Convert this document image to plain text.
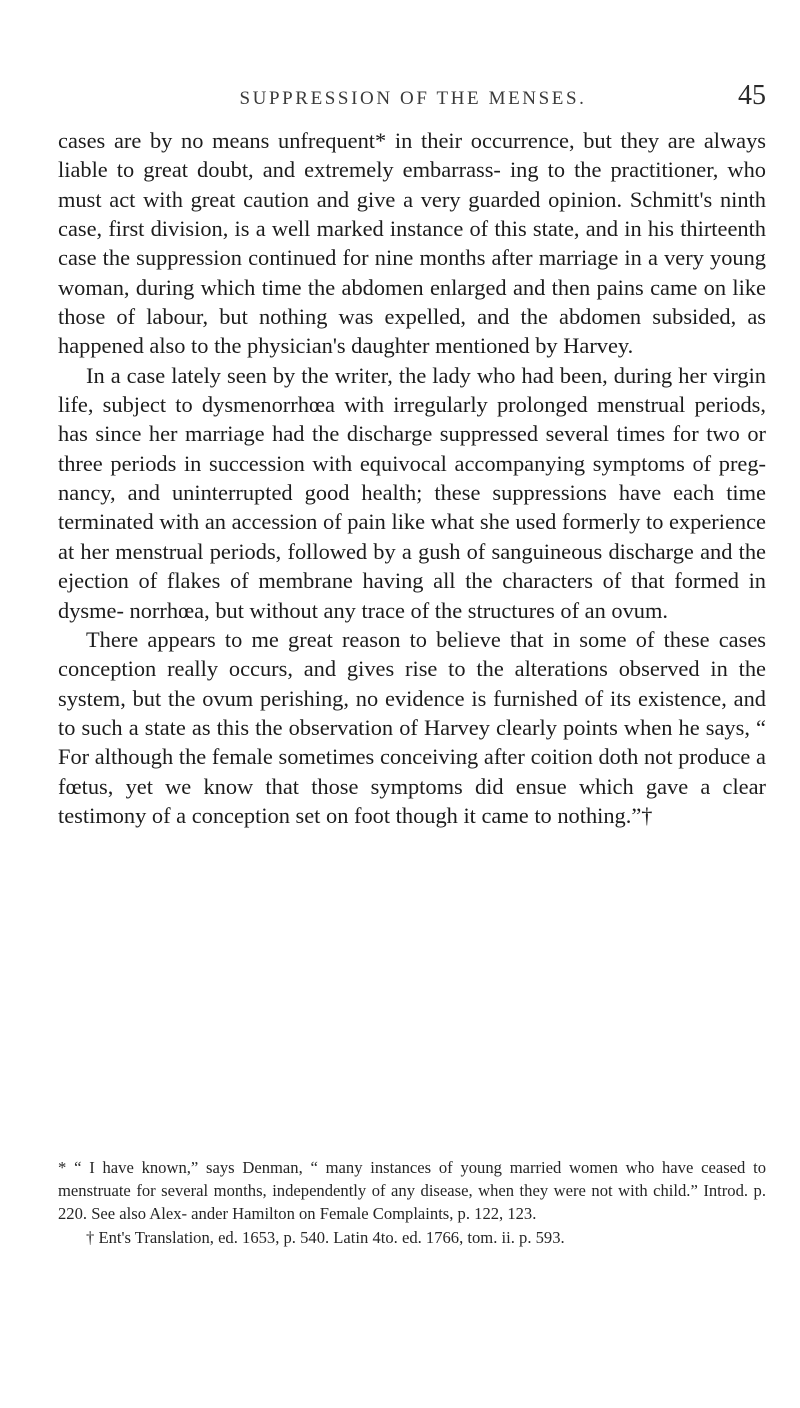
SUPPRESSION OF THE MENSES.	45

cases are by no means unfrequent* in their occurrence, but they are always liable to great doubt, and extremely embarrass- ing to the practitioner, who must act with great caution and give a very guarded opinion. Schmitt's ninth case, first division, is a well marked instance of this state, and in his thirteenth case the suppression continued for nine months after marriage in a very young woman, during which time the abdomen enlarged and then pains came on like those of labour, but nothing was expelled, and the abdomen subsided, as happened also to the physician's daughter mentioned by Harvey.

In a case lately seen by the writer, the lady who had been, during her virgin life, subject to dysmenorrhœa with irregularly prolonged menstrual periods, has since her marriage had the discharge suppressed several times for two or three periods in succession with equivocal accompanying symptoms of preg- nancy, and uninterrupted good health; these suppressions have each time terminated with an accession of pain like what she used formerly to experience at her menstrual periods, followed by a gush of sanguineous discharge and the ejection of flakes of membrane having all the characters of that formed in dysme- norrhœa, but without any trace of the structures of an ovum.

There appears to me great reason to believe that in some of these cases conception really occurs, and gives rise to the alterations observed in the system, but the ovum perishing, no evidence is furnished of its existence, and to such a state as this the observation of Harvey clearly points when he says, “ For although the female sometimes conceiving after coition doth not produce a fœtus, yet we know that those symptoms did ensue which gave a clear testimony of a conception set on foot though it came to nothing.”†

* “ I have known,” says Denman, “ many instances of young married women who have ceased to menstruate for several months, independently of any disease, when they were not with child.” Introd. p. 220. See also Alex- ander Hamilton on Female Complaints, p. 122, 123.

† Ent's Translation, ed. 1653, p. 540. Latin 4to. ed. 1766, tom. ii. p. 593.
